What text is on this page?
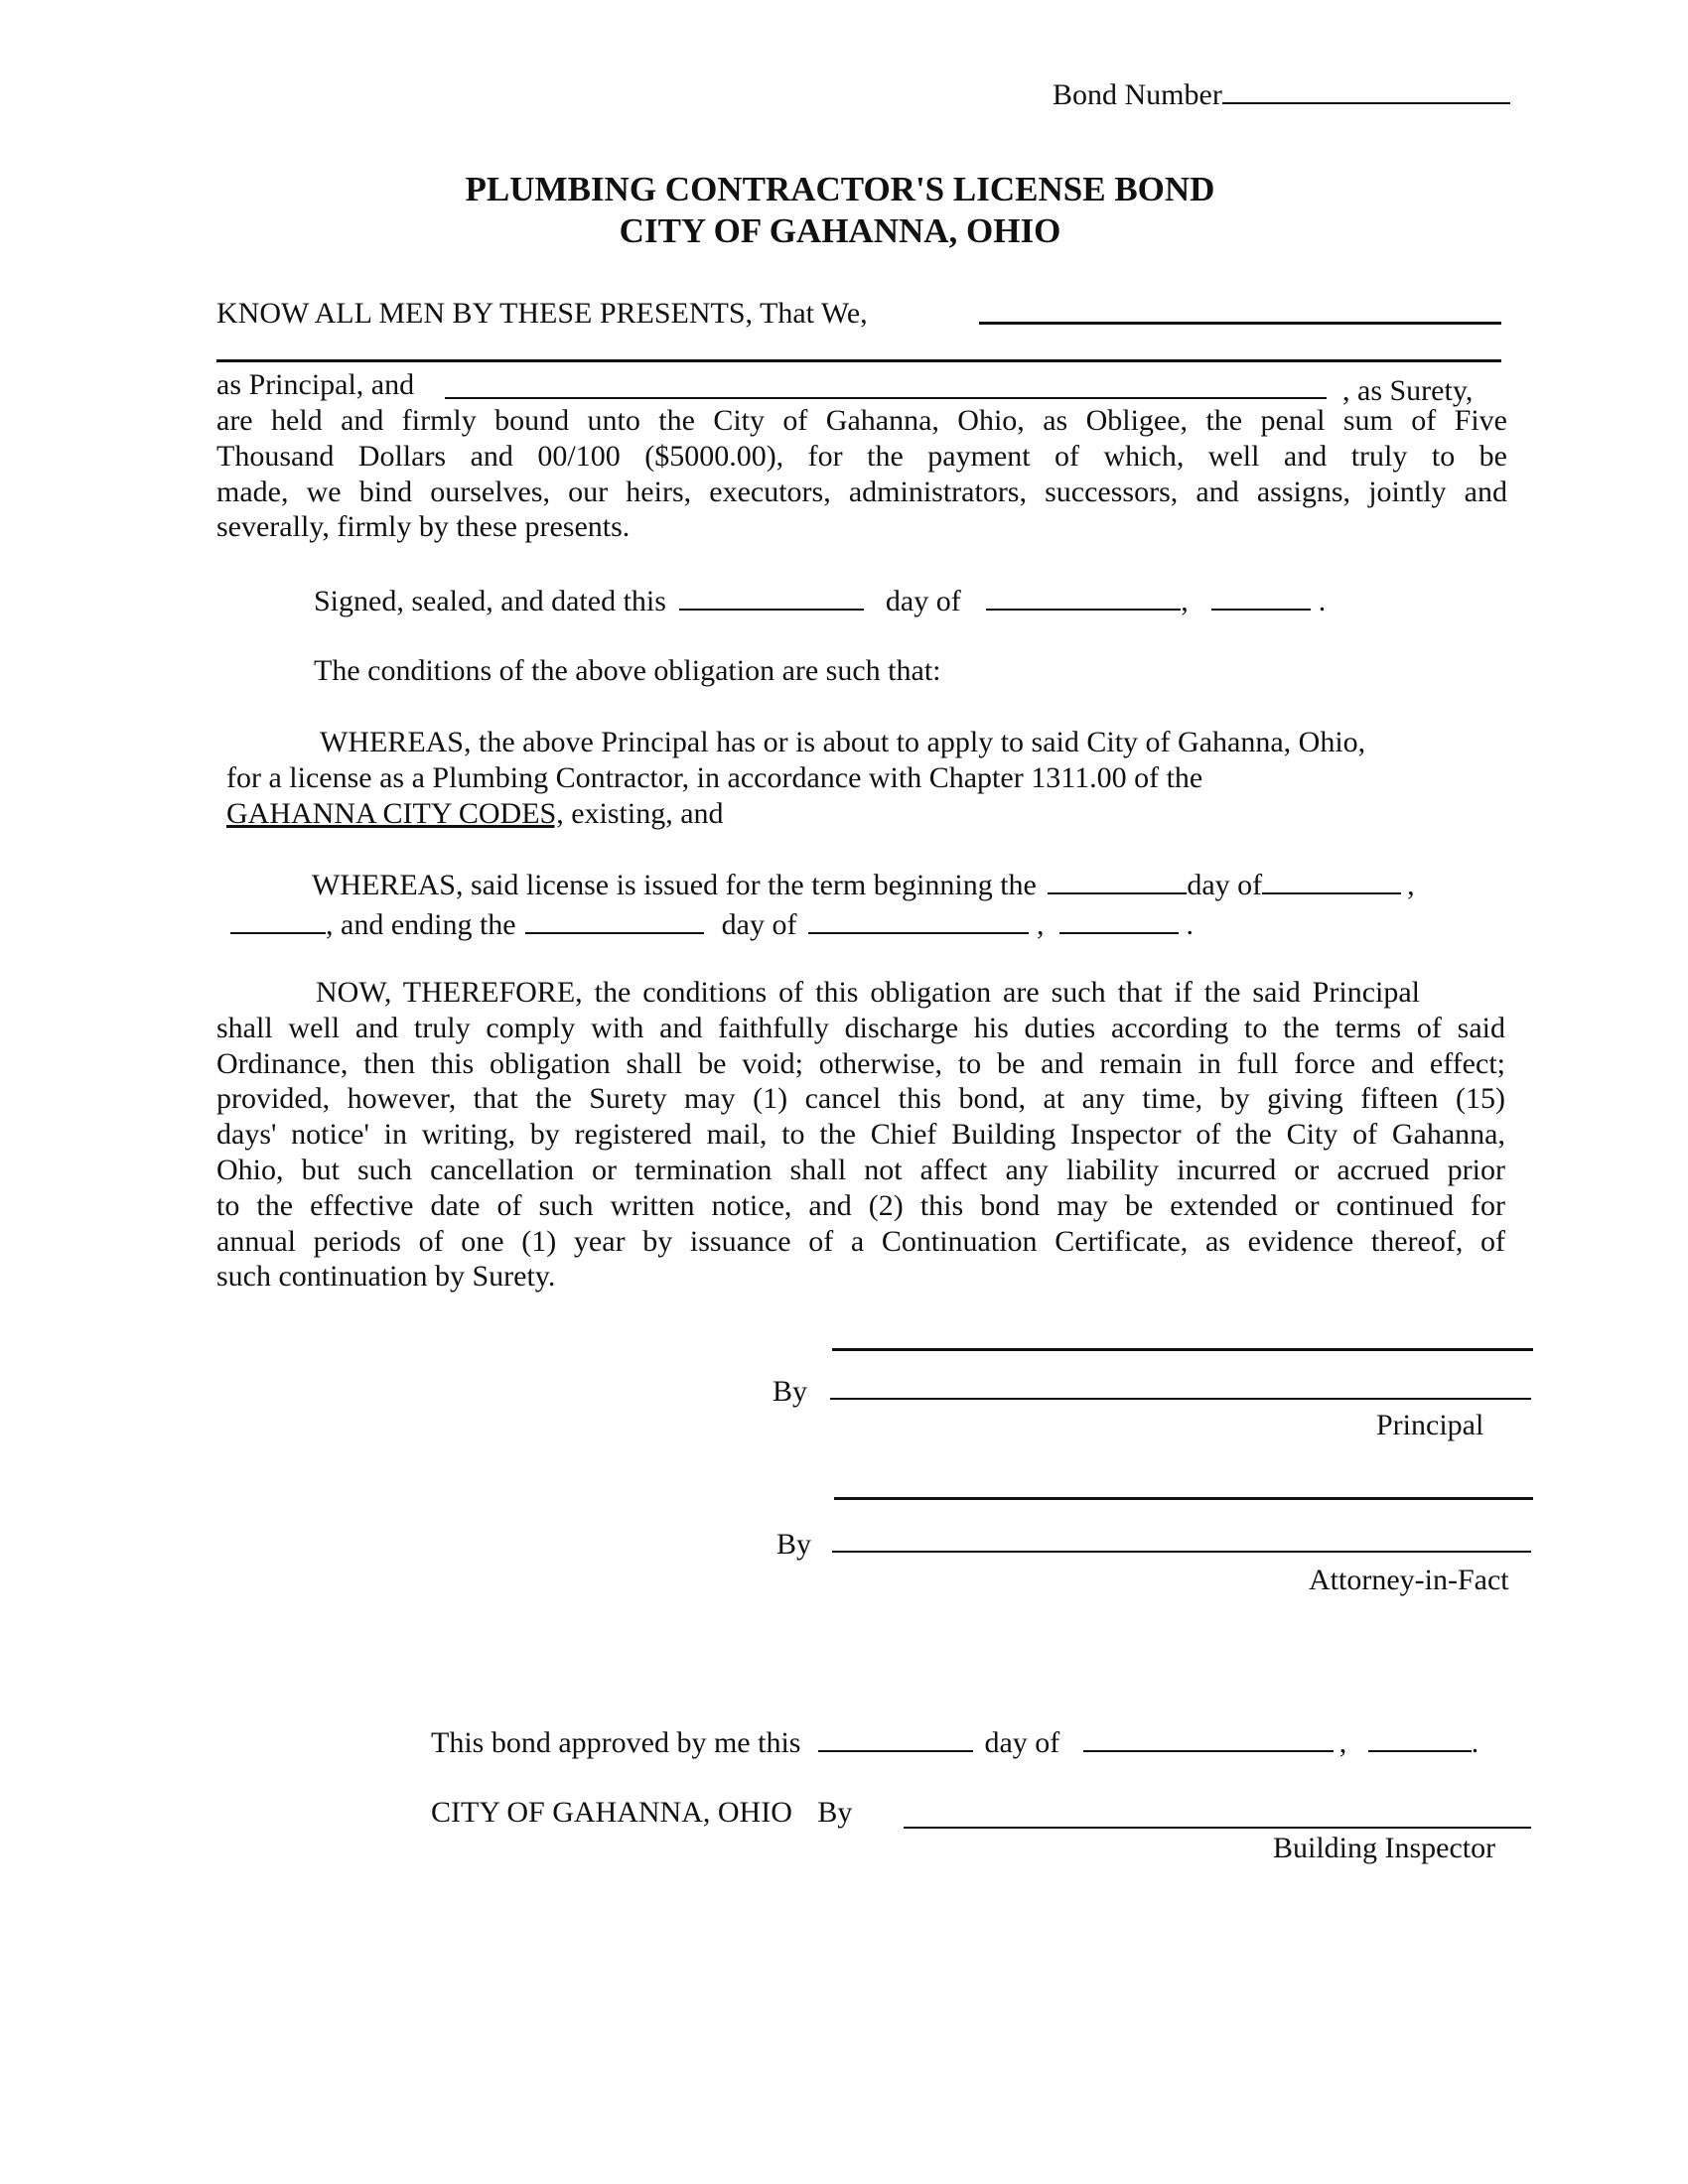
Bond Number
PLUMBING CONTRACTOR'S LICENSE BOND
CITY OF GAHANNA, OHIO
KNOW ALL MEN BY THESE PRESENTS, That We,
as Principal, and	, as Surety,
are held and firmly bound unto the City of Gahanna, Ohio, as Obligee, the penal sum of Five
Thousand Dollars and 00/100 ($5000.00), for the payment of which, well and truly to be
made, we bind ourselves, our heirs, executors, administrators, successors, and assigns, jointly and
severally, firmly by these presents.
Signed, sealed, and dated this	day of	,	.
The conditions of the above obligation are such that:
WHEREAS, the above Principal has or is about to apply to said City of Gahanna, Ohio,
for a license as a Plumbing Contractor, in accordance with Chapter 1311.00 of the
GAHANNA CITY CODES, existing, and
WHEREAS, said license is issued for the term beginning the	day of	,
, and ending the	day of	,	.
NOW, THEREFORE, the conditions of this obligation are such that if the said Principal
shall well and truly comply with and faithfully discharge his duties according to the terms of said
Ordinance, then this obligation shall be void; otherwise, to be and remain in full force and effect;
provided, however, that the Surety may (1) cancel this bond, at any time, by giving fifteen (15)
days' notice' in writing, by registered mail, to the Chief Building Inspector of the City of Gahanna,
Ohio, but such cancellation or termination shall not affect any liability incurred or accrued prior
to the effective date of such written notice, and (2) this bond may be extended or continued for
annual periods of one (1) year by issuance of a Continuation Certificate, as evidence thereof, of
such continuation by Surety.
By
Principal
By
Attorney-in-Fact
This bond approved by me this	day of	,	.
CITY OF GAHANNA, OHIO By
Building Inspector
